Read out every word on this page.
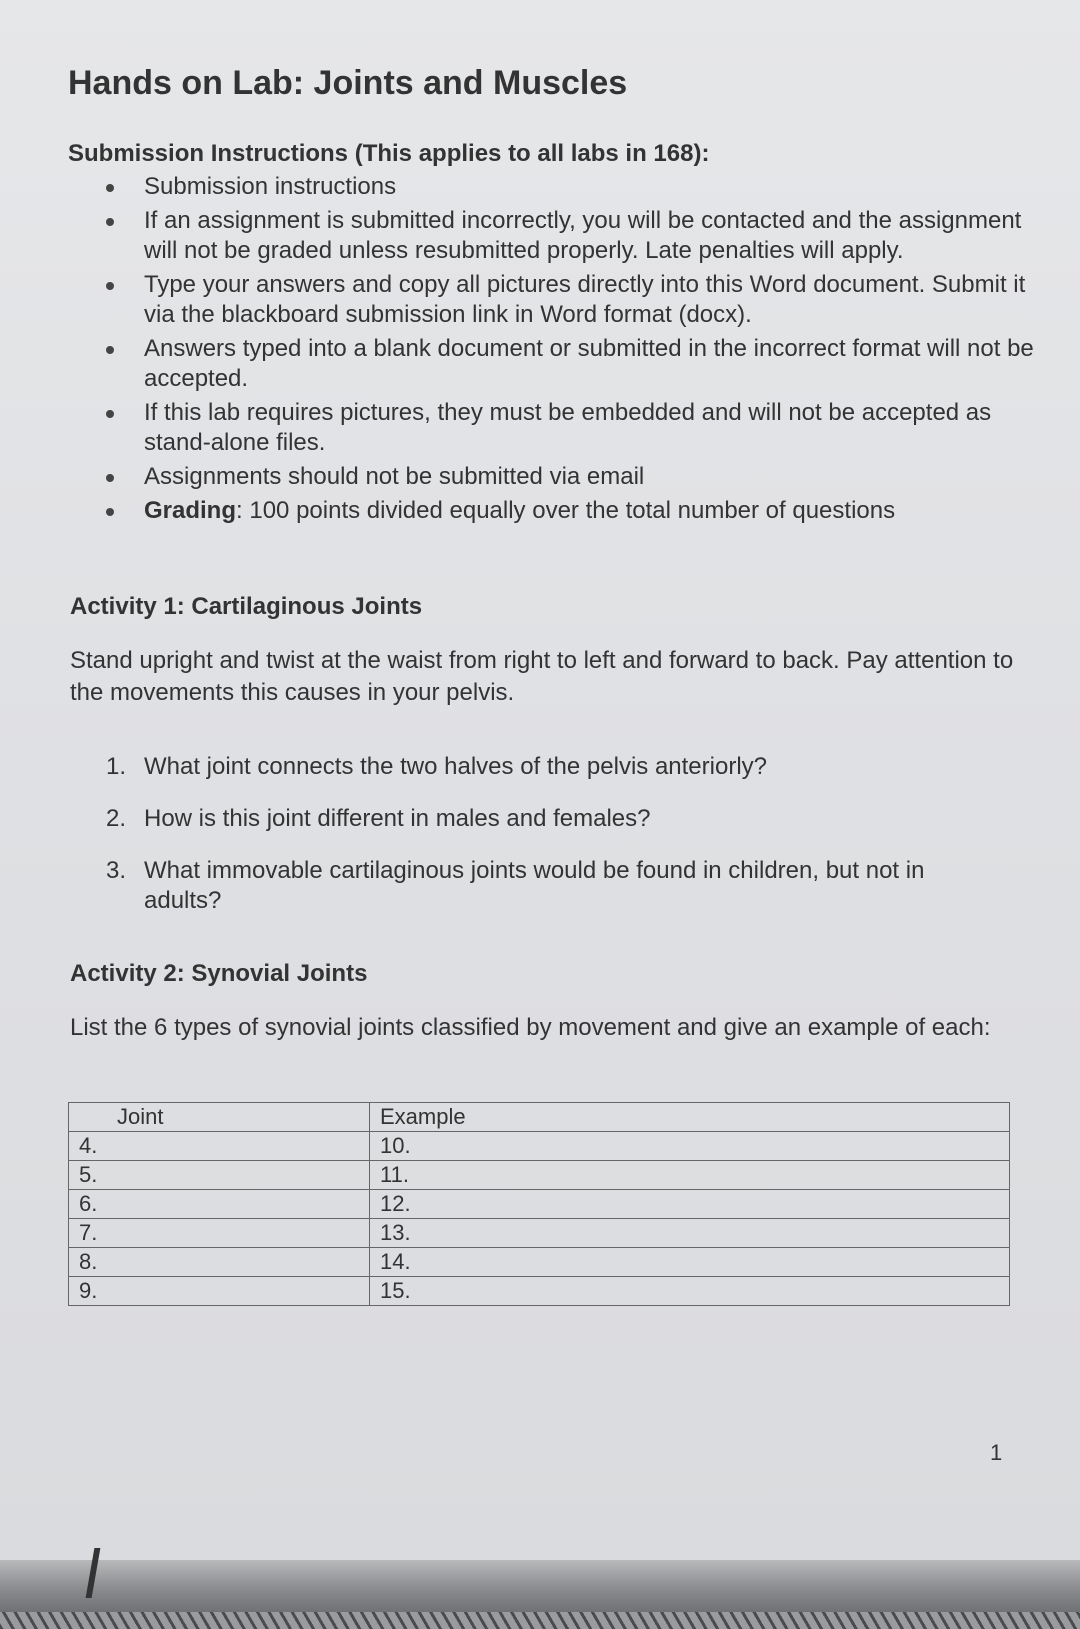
Hands on Lab: Joints and Muscles
Submission Instructions (This applies to all labs in 168):
Submission instructions
If an assignment is submitted incorrectly, you will be contacted and the assignment will not be graded unless resubmitted properly. Late penalties will apply.
Type your answers and copy all pictures directly into this Word document. Submit it via the blackboard submission link in Word format (docx).
Answers typed into a blank document or submitted in the incorrect format will not be accepted.
If this lab requires pictures, they must be embedded and will not be accepted as stand-alone files.
Assignments should not be submitted via email
Grading: 100 points divided equally over the total number of questions
Activity 1: Cartilaginous Joints
Stand upright and twist at the waist from right to left and forward to back. Pay attention to the movements this causes in your pelvis.
1. What joint connects the two halves of the pelvis anteriorly?
2. How is this joint different in males and females?
3. What immovable cartilaginous joints would be found in children, but not in adults?
Activity 2: Synovial Joints
List the 6 types of synovial joints classified by movement and give an example of each:
Joint	Example
4.	10.
5.	11.
6.	12.
7.	13.
8.	14.
9.	15.
1
